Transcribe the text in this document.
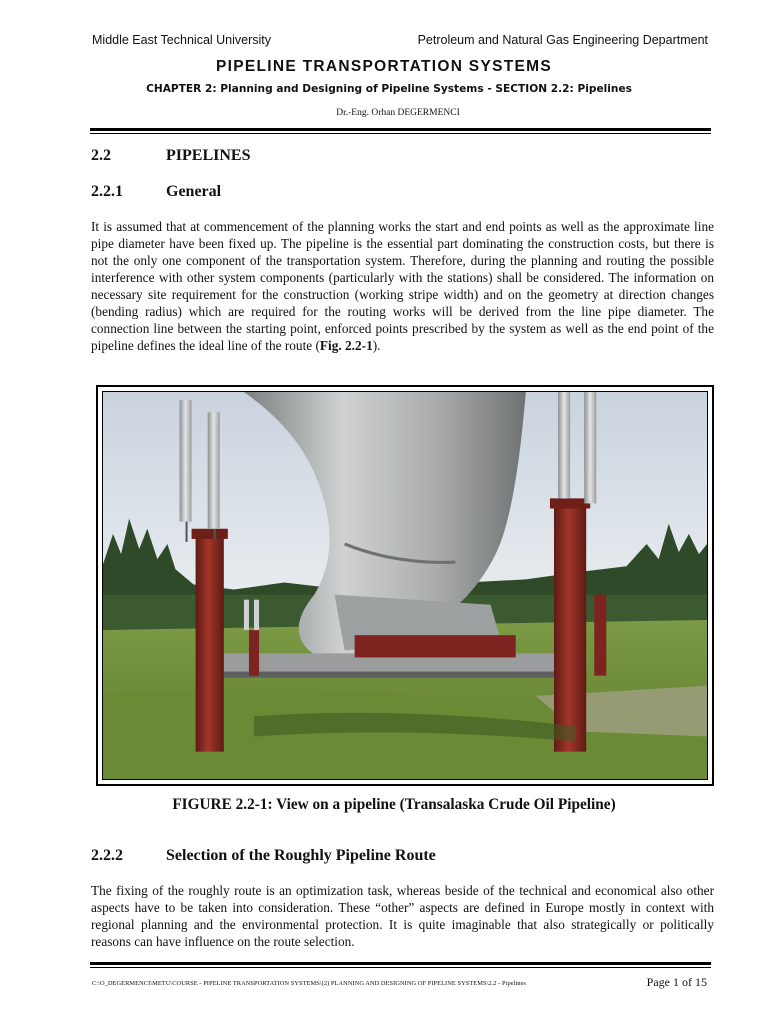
Middle East Technical University	Petroleum and Natural Gas Engineering Department
PIPELINE TRANSPORTATION SYSTEMS
CHAPTER 2: Planning and Designing of Pipeline Systems - SECTION 2.2: Pipelines
Dr.-Eng. Orhan DEGERMENCI
2.2	PIPELINES
2.2.1	General

It is assumed that at commencement of the planning works the start and end points as well as the approximate line pipe diameter have been fixed up. The pipeline is the essential part dominating the construction costs, but there is not the only one component of the transportation system. Therefore, during the planning and routing the possible interference with other system components (particularly with the stations) shall be considered. The information on necessary site requirement for the construction (working stripe width) and on the geometry at direction changes (bending radius) which are required for the routing works will be derived from the line pipe diameter. The connection line between the starting point, enforced points prescribed by the system as well as the end point of the pipeline defines the ideal line of the route (Fig. 2.2-1).

FIGURE 2.2-1: View on a pipeline (Transalaska Crude Oil Pipeline)
2.2.2	Selection of the Roughly Pipeline Route

The fixing of the roughly route is an optimization task, whereas beside of the technical and economical also other aspects have to be taken into consideration. These “other” aspects are defined in Europe mostly in context with regional planning and the environmental protection. It is quite imaginable that also strategically or politically reasons can have influence on the route selection.

C:\O_DEGERMENCI\METU\COURSE - PIPELINE TRANSPORTATION SYSTEMS\(2) PLANNING AND DESIGNING OF PIPELINE SYSTEMS\2.2 - Pipelines	Page 1 of 15
